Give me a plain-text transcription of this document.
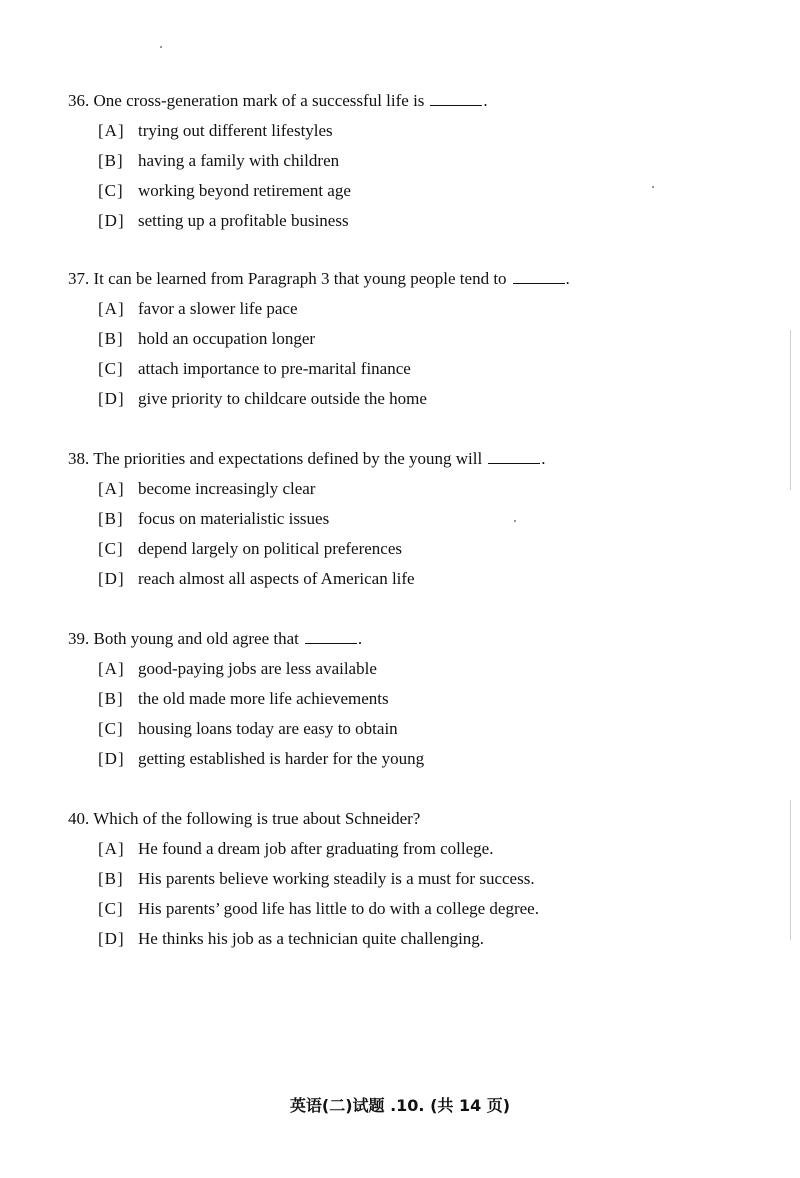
36. One cross-generation mark of a successful life is	.
[A] trying out different lifestyles
[B] having a family with children
[C] working beyond retirement age
[D] setting up a profitable business
37. It can be learned from Paragraph 3 that young people tend to	.
[A] favor a slower life pace
[B] hold an occupation longer
[C] attach importance to pre-marital finance
[D] give priority to childcare outside the home
38. The priorities and expectations defined by the young will	.
[A] become increasingly clear
[B] focus on materialistic issues
[C] depend largely on political preferences
[D] reach almost all aspects of American life
39. Both young and old agree that	.
[A] good-paying jobs are less available
[B] the old made more life achievements
[C] housing loans today are easy to obtain
[D] getting established is harder for the young
40. Which of the following is true about Schneider?
[A] He found a dream job after graduating from college.
[B] His parents believe working steadily is a must for success.
[C] His parents’ good life has little to do with a college degree.
[D] He thinks his job as a technician quite challenging.
英语(二)试题 .10. (共 14 页)
